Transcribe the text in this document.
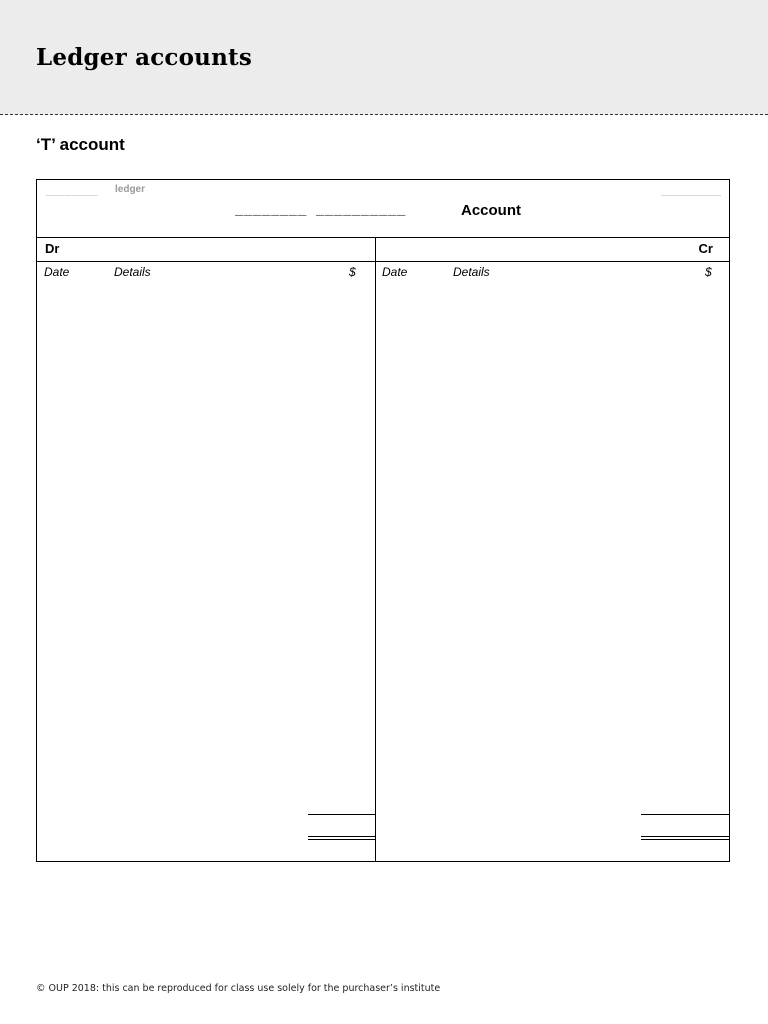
Ledger accounts
‘T’ account
________ ledger	__________
________ __________	Account
Dr	Cr
Date	Details	$ Date	Details	$

© OUP 2018: this can be reproduced for class use solely for the purchaser’s institute
